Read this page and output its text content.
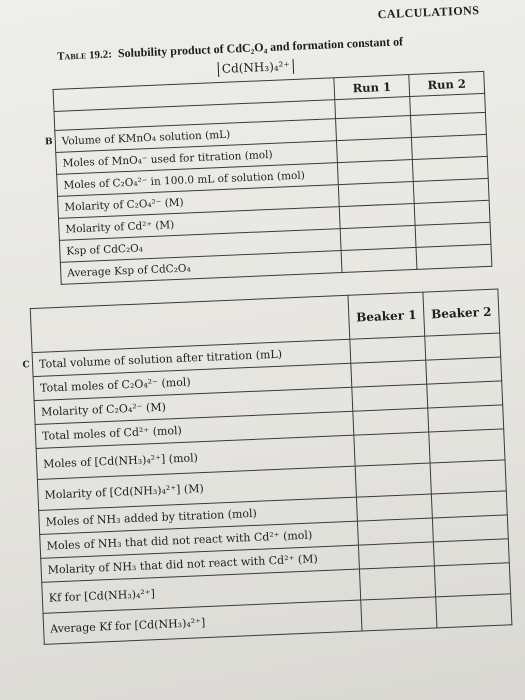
CALCULATIONS
Table 19.2: Solubility product of CdC₂O₄ and formation constant of
Cd(NH₃)₄²⁺
		Run 1	Run 2

B	Volume of KMnO₄ solution (mL)		
	Moles of MnO₄⁻ used for titration (mol)		
	Moles of C₂O₄²⁻ in 100.0 mL of solution (mol)		
	Molarity of C₂O₄²⁻ (M)		
	Molarity of Cd²⁺ (M)		
	Ksp of CdC₂O₄		
	Average Ksp of CdC₂O₄		
		Beaker 1	Beaker 2
C	Total volume of solution after titration (mL)		
	Total moles of C₂O₄²⁻ (mol)		
	Molarity of C₂O₄²⁻ (M)		
	Total moles of Cd²⁺ (mol)		
	Moles of [Cd(NH₃)₄²⁺] (mol)		
	Molarity of [Cd(NH₃)₄²⁺] (M)		
	Moles of NH₃ added by titration (mol)		
	Moles of NH₃ that did not react with Cd²⁺ (mol)		
	Molarity of NH₃ that did not react with Cd²⁺ (M)		
	Kf for [Cd(NH₃)₄²⁺]		
	Average Kf for [Cd(NH₃)₄²⁺]		
